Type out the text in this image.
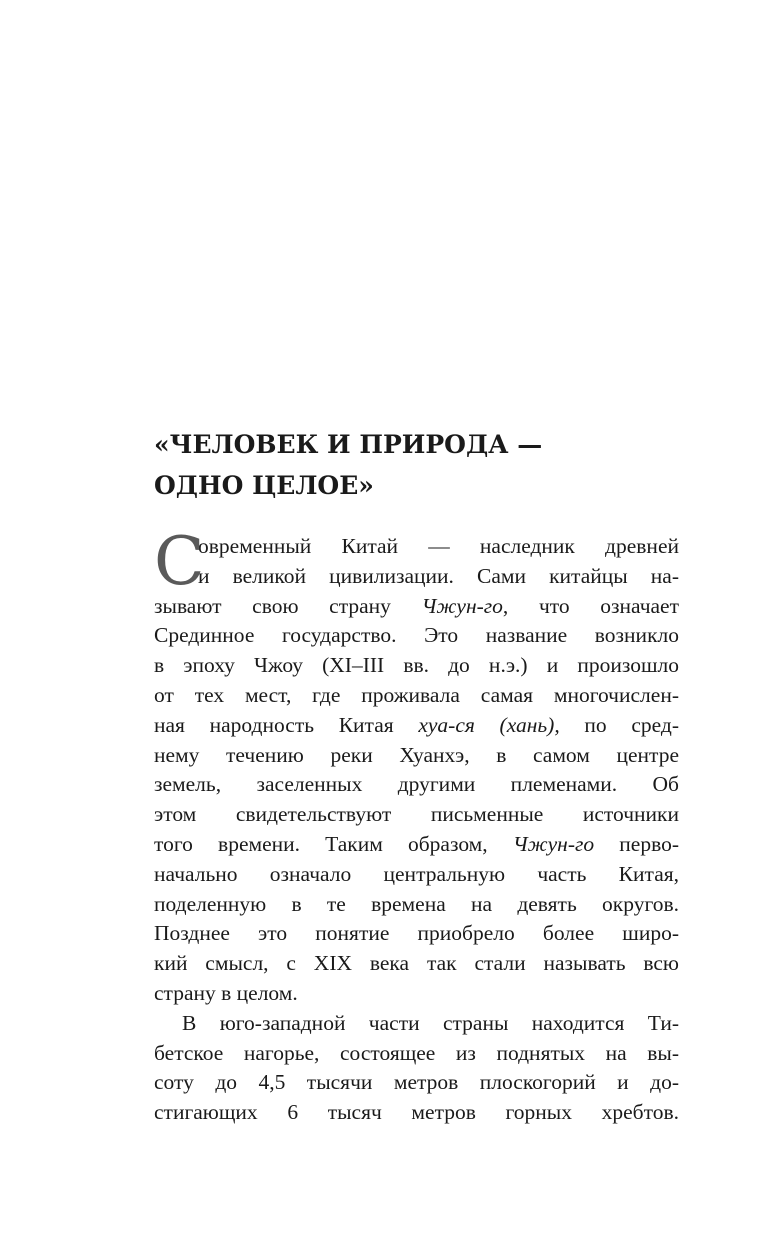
«ЧЕЛОВЕК И ПРИРОДА —
ОДНО ЦЕЛОЕ»
С
овременный Китай — наследник древней
и великой цивилизации. Сами китайцы на-
зывают свою страну Чжун-го, что означает
Срединное государство. Это название возникло
в эпоху Чжоу (XI–III вв. до н.э.) и произошло
от тех мест, где проживала самая многочислен-
ная народность Китая хуа-ся (хань), по сред-
нему течению реки Хуанхэ, в самом центре
земель, заселенных другими племенами. Об
этом свидетельствуют письменные источники
того времени. Таким образом, Чжун-го перво-
начально означало центральную часть Китая,
поделенную в те времена на девять округов.
Позднее это понятие приобрело более широ-
кий смысл, с XIX века так стали называть всю
страну в целом.
В юго-западной части страны находится Ти-
бетское нагорье, состоящее из поднятых на вы-
соту до 4,5 тысячи метров плоскогорий и до-
стигающих 6 тысяч метров горных хребтов.
